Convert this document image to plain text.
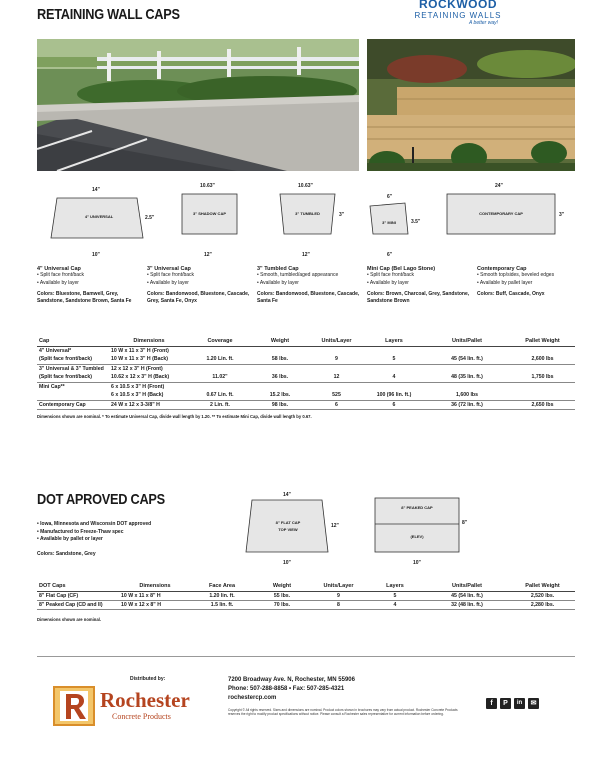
RETAINING WALL CAPS
ROCKWOOD
RETAINING WALLS
A better way!
4" UNIVERSAL
14"
10"
2.5"
3" SHADOW CAP
10.63"
12"
3" TUMBLED
10.63"
12"
3"
3" MINI
6"
6"
3.5"
CONTEMPORARY CAP
24"
3"
4" Universal Cap
• Split face front/back
• Available by layer
Colors: Bluestone, Bamwell, Grey, Sandstone, Sandstone Brown, Santa Fe
3" Universal Cap
• Split face front/back
• Available by layer
Colors: Bandonwood, Bluestone, Cascade, Grey, Santa Fe, Onyx
3" Tumbled Cap
• Smooth, tumbled/aged appearance
• Available by layer
Colors: Bandonwood, Bluestone, Cascade, Santa Fe
Mini Cap (Bel Lago Stone)
• Split face front/back
• Available by layer
Colors: Brown, Charcoal, Grey, Sandstone, Sandstone Brown
Contemporary Cap
• Smooth top/sides, beveled edges
• Available by pallet layer
Colors: Buff, Cascade, Onyx
Cap	Dimensions	Coverage	Weight	Units/Layer	Layers	Units/Pallet	Pallet Weight
4" Universal*	10 W x 11 x 3" H (Front)						
(Split face front/back)	10 W x 11 x 3" H (Back)	1.20 Lin. ft.	58 lbs.	9	5	45 (54 lin. ft.)	2,600 lbs
3" Universal & 3" Tumbled	12 x 12 x 3" H (Front)						
(Split face front/back)	10.62 x 12 x 3" H (Back)	11.02"	36 lbs.	12	4	48 (35 lin. ft.)	1,750 lbs
Mini Cap**	6 x 10.5 x 3" H (Front)						
	6 x 10.5 x 3" H (Back)	0.67 Lin. ft.	15.2 lbs.	525	100 (96 lin. ft.)	1,600 lbs	
Contemporary Cap	24 W x 12 x 3-3/8" H	2 Lin. ft.	98 lbs.	6	6	36 (72 lin. ft.)	2,650 lbs
Dimensions shown are nominal. * To estimate Universal Cap, divide wall length by 1.20. ** To estimate Mini Cap, divide wall length by 0.67.
DOT APROVED CAPS
• Iowa, Minnesota and Wisconsin DOT approved
• Manufactured to Freeze-Thaw spec
• Available by pallet or layer
Colors: Sandstone, Grey
14"
8" FLAT CAP
TOP VIEW
12"
10"
8" PEAKED CAP
(ELEV)
8"
10"
DOT Caps	Dimensions	Face Area	Weight	Units/Layer	Layers	Units/Pallet	Pallet Weight
8" Flat Cap (CF)	10 W x 11 x 8" H	1.20 lin. ft.	55 lbs.	9	5	45 (54 lin. ft.)	2,520 lbs.
8" Peaked Cap (CD and II)	10 W x 12 x 8" H	1.5 lin. ft.	70 lbs.	8	4	32 (48 lin. ft.)	2,280 lbs.
Dimensions shown are nominal.
Distributed by:
Rochester
Concrete Products
7200 Broadway Ave. N, Rochester, MN 55906
Phone: 507-288-8858 • Fax: 507-285-4321
rochestercp.com
Copyright © All rights reserved. Sizes and dimensions are nominal. Product colors shown in brochures may vary from actual product. Rochester Concrete Products reserves the right to modify product specifications without notice. Please consult a Rochester sales representative for current information before ordering.
f	P	in	✉
